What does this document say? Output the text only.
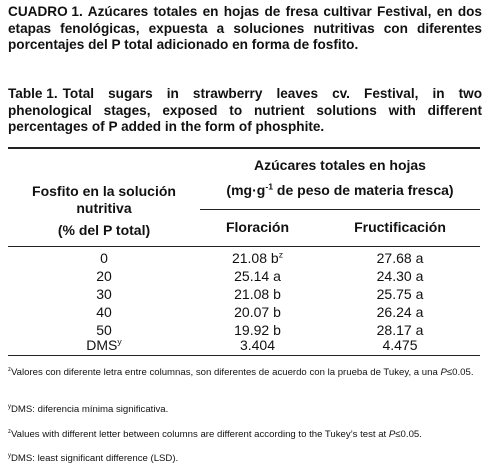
CUADRO 1. Azúcares totales en hojas de fresa cultivar Festival, en dos etapas fenológicas, expuesta a soluciones nutritivas con diferentes porcentajes del P total adicionado en forma de fosfito.
Table 1. Total sugars in strawberry leaves cv. Festival, in two phenological stages, exposed to nutrient solutions with different percentages of P added in the form of phosphite.
Fosfito en la solución
nutritiva
(% del P total)
Azúcares totales en hojas
($mg\cdot g^{-1}$ de peso de materia fresca)
Floración	Fructificación
0	21.08 $b^z$	27.68 a
20	25.14 a	24.30 a
30	21.08 b	25.75 a
40	20.07 b	26.24 a
50	19.92 b	28.17 a
DMS$^y$	3.404	4.475
$^z$Valores con diferente letra entre columnas, son diferentes de acuerdo con la prueba de Tukey, a una P≤0.05.
$^y$DMS: diferencia mínima significativa.
$^z$Values with different letter between columns are different according to the Tukey’s test at P≤0.05.
$^y$DMS: least significant difference (LSD).
